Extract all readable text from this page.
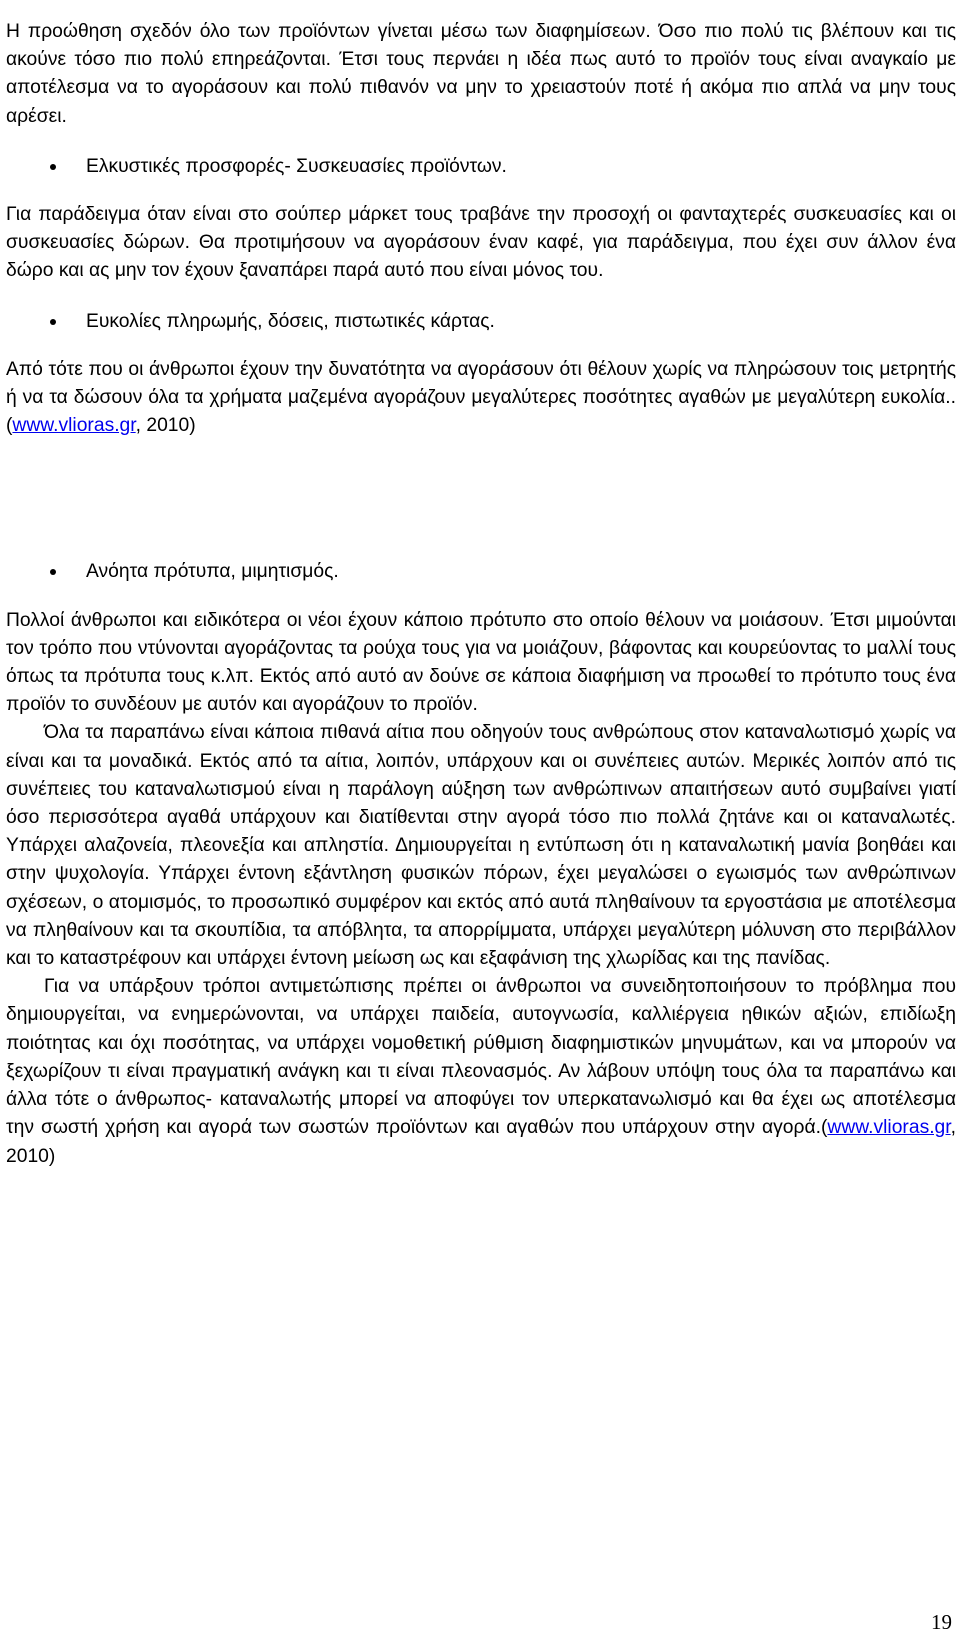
Η προώθηση σχεδόν όλο των προϊόντων γίνεται μέσω των διαφημίσεων. Όσο πιο πολύ τις βλέπουν και τις ακούνε τόσο πιο πολύ επηρεάζονται. Έτσι τους περνάει η ιδέα πως αυτό το προϊόν τους είναι αναγκαίο με αποτέλεσμα να το αγοράσουν και πολύ πιθανόν να μην το χρειαστούν ποτέ ή ακόμα πιο απλά να μην τους αρέσει.

Ελκυστικές προσφορές- Συσκευασίες προϊόντων.

Για παράδειγμα όταν είναι στο σούπερ μάρκετ τους τραβάνε την προσοχή οι φανταχτερές συσκευασίες και οι συσκευασίες δώρων. Θα προτιμήσουν να αγοράσουν έναν καφέ, για παράδειγμα, που έχει συν άλλον ένα δώρο και ας μην τον έχουν ξαναπάρει παρά αυτό που είναι μόνος του.

Ευκολίες πληρωμής, δόσεις, πιστωτικές κάρτας.

Από τότε που οι άνθρωποι έχουν την δυνατότητα να αγοράσουν ότι θέλουν χωρίς να πληρώσουν τοις μετρητής ή να τα δώσουν όλα τα χρήματα μαζεμένα αγοράζουν μεγαλύτερες ποσότητες αγαθών με μεγαλύτερη ευκολία..(www.vlioras.gr, 2010)

Ανόητα πρότυπα, μιμητισμός.

Πολλοί άνθρωποι και ειδικότερα οι νέοι έχουν κάποιο πρότυπο στο οποίο θέλουν να μοιάσουν. Έτσι μιμούνται τον τρόπο που ντύνονται αγοράζοντας τα ρούχα τους για να μοιάζουν, βάφοντας και κουρεύοντας το μαλλί τους όπως τα πρότυπα τους κ.λπ. Εκτός από αυτό αν δούνε σε κάποια διαφήμιση να προωθεί το πρότυπο τους ένα προϊόν το συνδέουν με αυτόν και αγοράζουν το προϊόν.

Όλα τα παραπάνω είναι κάποια πιθανά αίτια που οδηγούν τους ανθρώπους στον καταναλωτισμό χωρίς να είναι και τα μοναδικά. Εκτός από τα αίτια, λοιπόν, υπάρχουν και οι συνέπειες αυτών. Μερικές λοιπόν από τις συνέπειες του καταναλωτισμού είναι η παράλογη αύξηση των ανθρώπινων απαιτήσεων αυτό συμβαίνει γιατί όσο περισσότερα αγαθά υπάρχουν και διατίθενται στην αγορά τόσο πιο πολλά ζητάνε και οι καταναλωτές. Υπάρχει αλαζονεία, πλεονεξία και απληστία. Δημιουργείται η εντύπωση ότι η καταναλωτική μανία βοηθάει και στην ψυχολογία. Υπάρχει έντονη εξάντληση φυσικών πόρων, έχει μεγαλώσει ο εγωισμός των ανθρώπινων σχέσεων, ο ατομισμός, το προσωπικό συμφέρον και εκτός από αυτά πληθαίνουν τα εργοστάσια με αποτέλεσμα να πληθαίνουν και τα σκουπίδια, τα απόβλητα, τα απορρίμματα, υπάρχει μεγαλύτερη μόλυνση στο περιβάλλον και το καταστρέφουν και υπάρχει έντονη μείωση ως και εξαφάνιση της χλωρίδας και της πανίδας.

Για να υπάρξουν τρόποι αντιμετώπισης πρέπει οι άνθρωποι να συνειδητοποιήσουν το πρόβλημα που δημιουργείται, να ενημερώνονται, να υπάρχει παιδεία, αυτογνωσία, καλλιέργεια ηθικών αξιών, επιδίωξη ποιότητας και όχι ποσότητας, να υπάρχει νομοθετική ρύθμιση διαφημιστικών μηνυμάτων, και να μπορούν να ξεχωρίζουν τι είναι πραγματική ανάγκη και τι είναι πλεονασμός. Αν λάβουν υπόψη τους όλα τα παραπάνω και άλλα τότε ο άνθρωπος- καταναλωτής μπορεί να αποφύγει τον υπερκατανωλισμό και θα έχει ως αποτέλεσμα την σωστή χρήση και αγορά των σωστών προϊόντων και αγαθών που υπάρχουν στην αγορά.(www.vlioras.gr, 2010)

19
